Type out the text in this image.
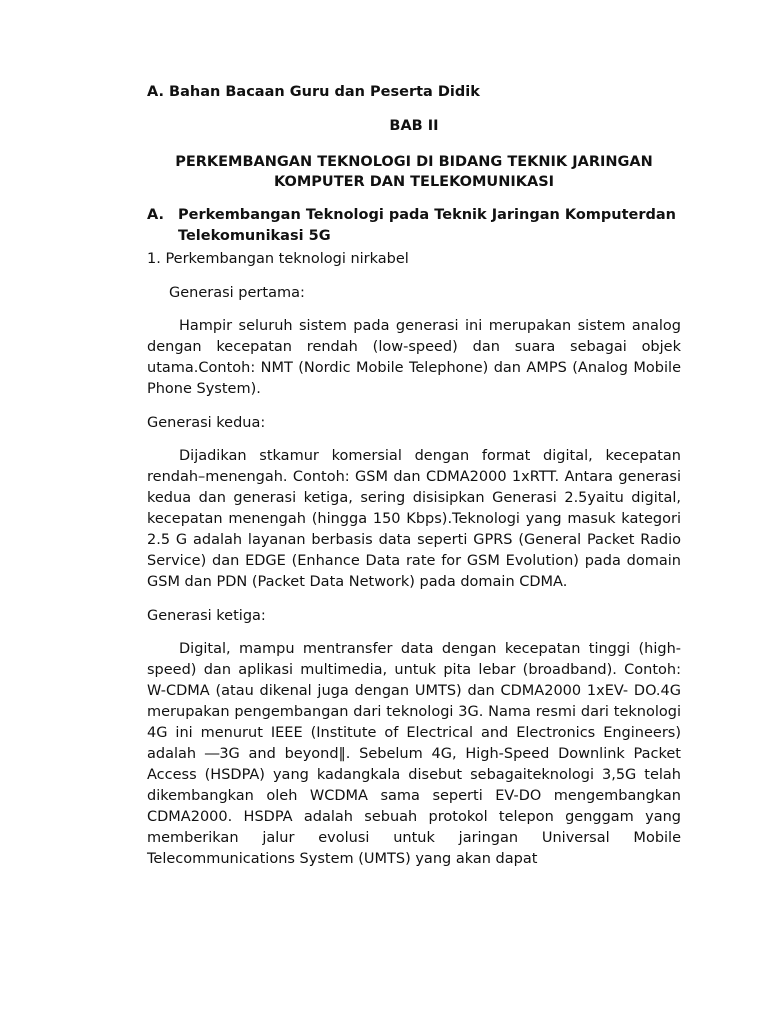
A. Bahan Bacaan Guru dan Peserta Didik

BAB II

PERKEMBANGAN TEKNOLOGI DI BIDANG TEKNIK JARINGAN KOMPUTER DAN TELEKOMUNIKASI

A. Perkembangan Teknologi pada Teknik Jaringan Komputerdan Telekomunikasi 5G

1. Perkembangan teknologi nirkabel

Generasi pertama:

Hampir seluruh sistem pada generasi ini merupakan sistem analog dengan kecepatan rendah (low-speed) dan suara sebagai objek utama.Contoh: NMT (Nordic Mobile Telephone) dan AMPS (Analog Mobile Phone System).

Generasi kedua:

Dijadikan stkamur komersial dengan format digital, kecepatan rendah–menengah. Contoh: GSM dan CDMA2000 1xRTT. Antara generasi kedua dan generasi ketiga, sering disisipkan Generasi 2.5yaitu digital, kecepatan menengah (hingga 150 Kbps).Teknologi yang masuk kategori 2.5 G adalah layanan berbasis data seperti GPRS (General Packet Radio Service) dan EDGE (Enhance Data rate for GSM Evolution) pada domain GSM dan PDN (Packet Data Network) pada domain CDMA.

Generasi ketiga:

Digital, mampu mentransfer data dengan kecepatan tinggi (high- speed) dan aplikasi multimedia, untuk pita lebar (broadband). Contoh: W-CDMA (atau dikenal juga dengan UMTS) dan CDMA2000 1xEV- DO.4G merupakan pengembangan dari teknologi 3G. Nama resmi dari teknologi 4G ini menurut IEEE (Institute of Electrical and Electronics Engineers) adalah ―3G and beyond‖. Sebelum 4G, High-Speed Downlink Packet Access (HSDPA) yang kadangkala disebut sebagaiteknologi 3,5G telah dikembangkan oleh WCDMA sama seperti EV-DO mengembangkan CDMA2000. HSDPA adalah sebuah protokol telepon genggam yang memberikan jalur evolusi untuk jaringan Universal Mobile Telecommunications System (UMTS) yang akan dapat
